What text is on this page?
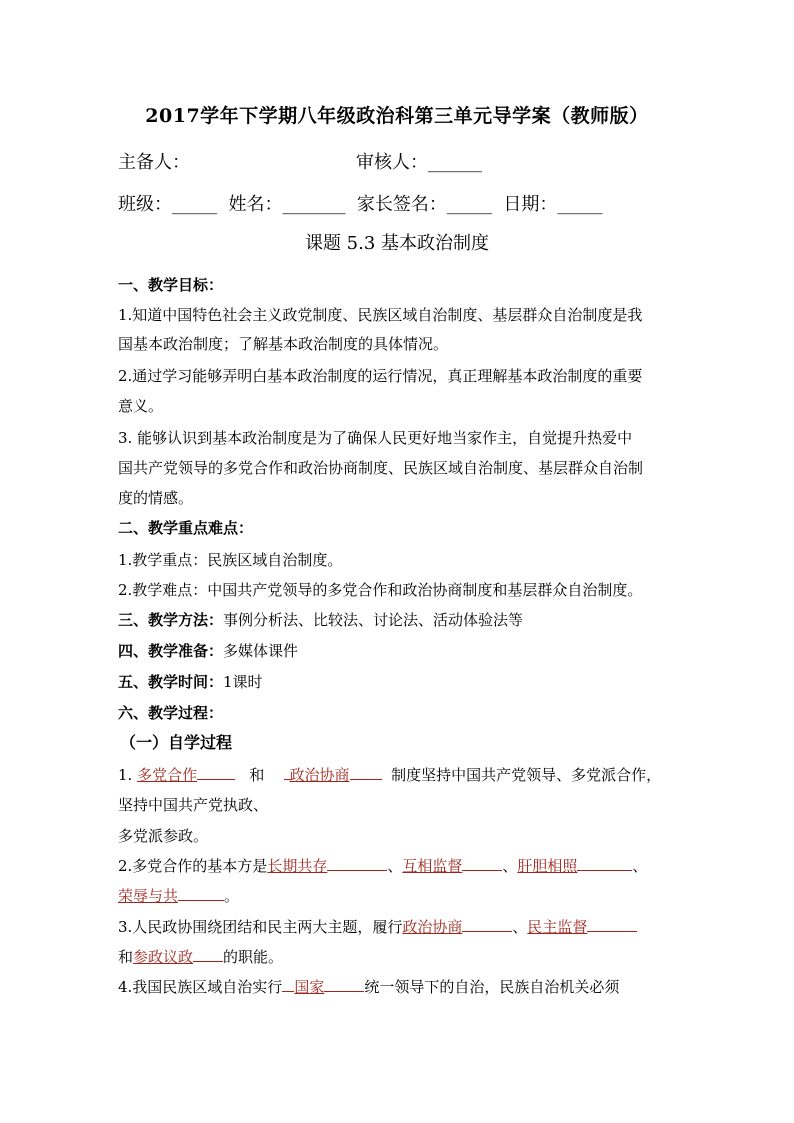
2017学年下学期八年级政治科第三单元导学案（教师版）
主备人：	审核人：______
班级：_____  姓名：_______  家长签名：_____  日期：_____
课题 5.3 基本政治制度
一、教学目标：
1.知道中国特色社会主义政党制度、民族区域自治制度、基层群众自治制度是我
国基本政治制度；了解基本政治制度的具体情况。
2.通过学习能够弄明白基本政治制度的运行情况，真正理解基本政治制度的重要
意义。
3. 能够认识到基本政治制度是为了确保人民更好地当家作主，自觉提升热爱中
国共产党领导的多党合作和政治协商制度、民族区域自治制度、基层群众自治制
度的情感。
二、教学重点难点：
1.教学重点：民族区域自治制度。
2.教学难点：中国共产党领导的多党合作和政治协商制度和基层群众自治制度。
三、教学方法：事例分析法、比较法、讨论法、活动体验法等
四、教学准备：多媒体课件
五、教学时间：1课时
六、教学过程：
（一）自学过程
1. 多党合作	和 政治协商	制度坚持中国共产党领导、多党派合作，
坚持中国共产党执政、
多党派参政。
2.多党合作的基本方是长期共存	、互相监督	、肝胆相照	、
荣辱与共	。
3.人民政协围绕团结和民主两大主题，履行政治协商	、民主监督
和参政议政 的职能。
4.我国民族区域自治实行 国家	统一领导下的自治，民族自治机关必须
